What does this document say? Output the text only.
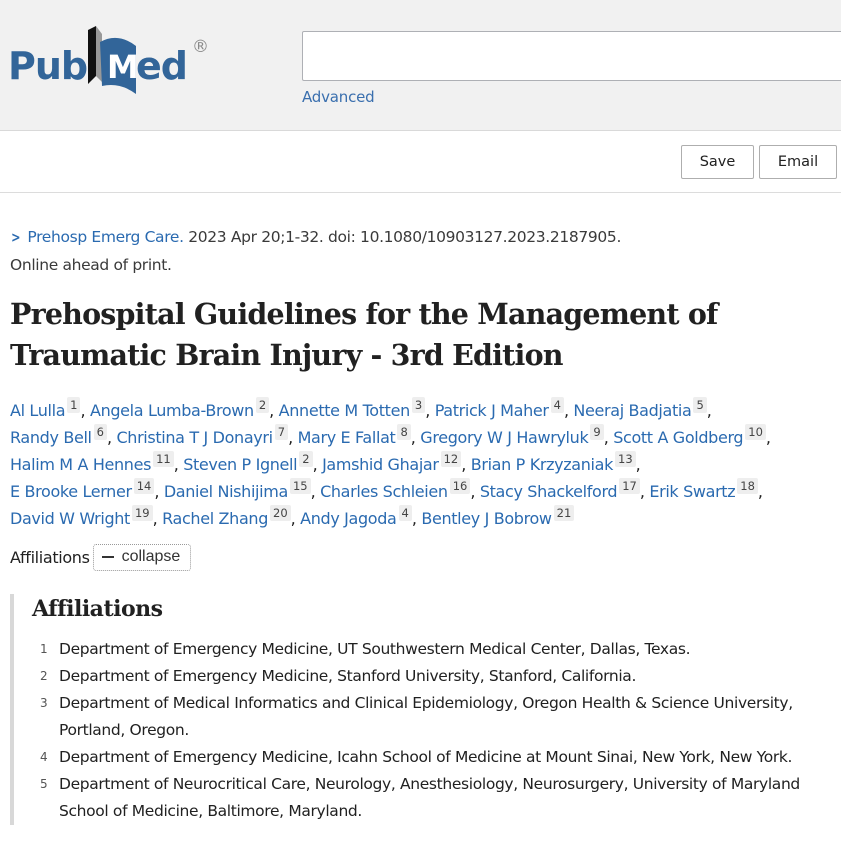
Pub M
ed ®
Advanced
Save	Email
> Prehosp Emerg Care. 2023 Apr 20;1-32. doi: 10.1080/10903127.2023.2187905.
Online ahead of print.
Prehospital Guidelines for the Management of Traumatic Brain Injury - 3rd Edition
Al Lulla 1 , Angela Lumba-Brown 2 , Annette M Totten 3 , Patrick J Maher 4 , Neeraj Badjatia 5 ,
Randy Bell 6 , Christina T J Donayri 7 , Mary E Fallat 8 , Gregory W J Hawryluk 9 , Scott A Goldberg 10 ,
Halim M A Hennes 11 , Steven P Ignell 2 , Jamshid Ghajar 12 , Brian P Krzyzaniak 13 ,
E Brooke Lerner 14 , Daniel Nishijima 15 , Charles Schleien 16 , Stacy Shackelford 17 , Erik Swartz 18 ,
David W Wright 19 , Rachel Zhang 20 , Andy Jagoda 4 , Bentley J Bobrow 21
Affiliations collapse
Affiliations
1 Department of Emergency Medicine, UT Southwestern Medical Center, Dallas, Texas.
2 Department of Emergency Medicine, Stanford University, Stanford, California.
3 Department of Medical Informatics and Clinical Epidemiology, Oregon Health & Science University, Portland, Oregon.
4 Department of Emergency Medicine, Icahn School of Medicine at Mount Sinai, New York, New York.
5 Department of Neurocritical Care, Neurology, Anesthesiology, Neurosurgery, University of Maryland School of Medicine, Baltimore, Maryland.
